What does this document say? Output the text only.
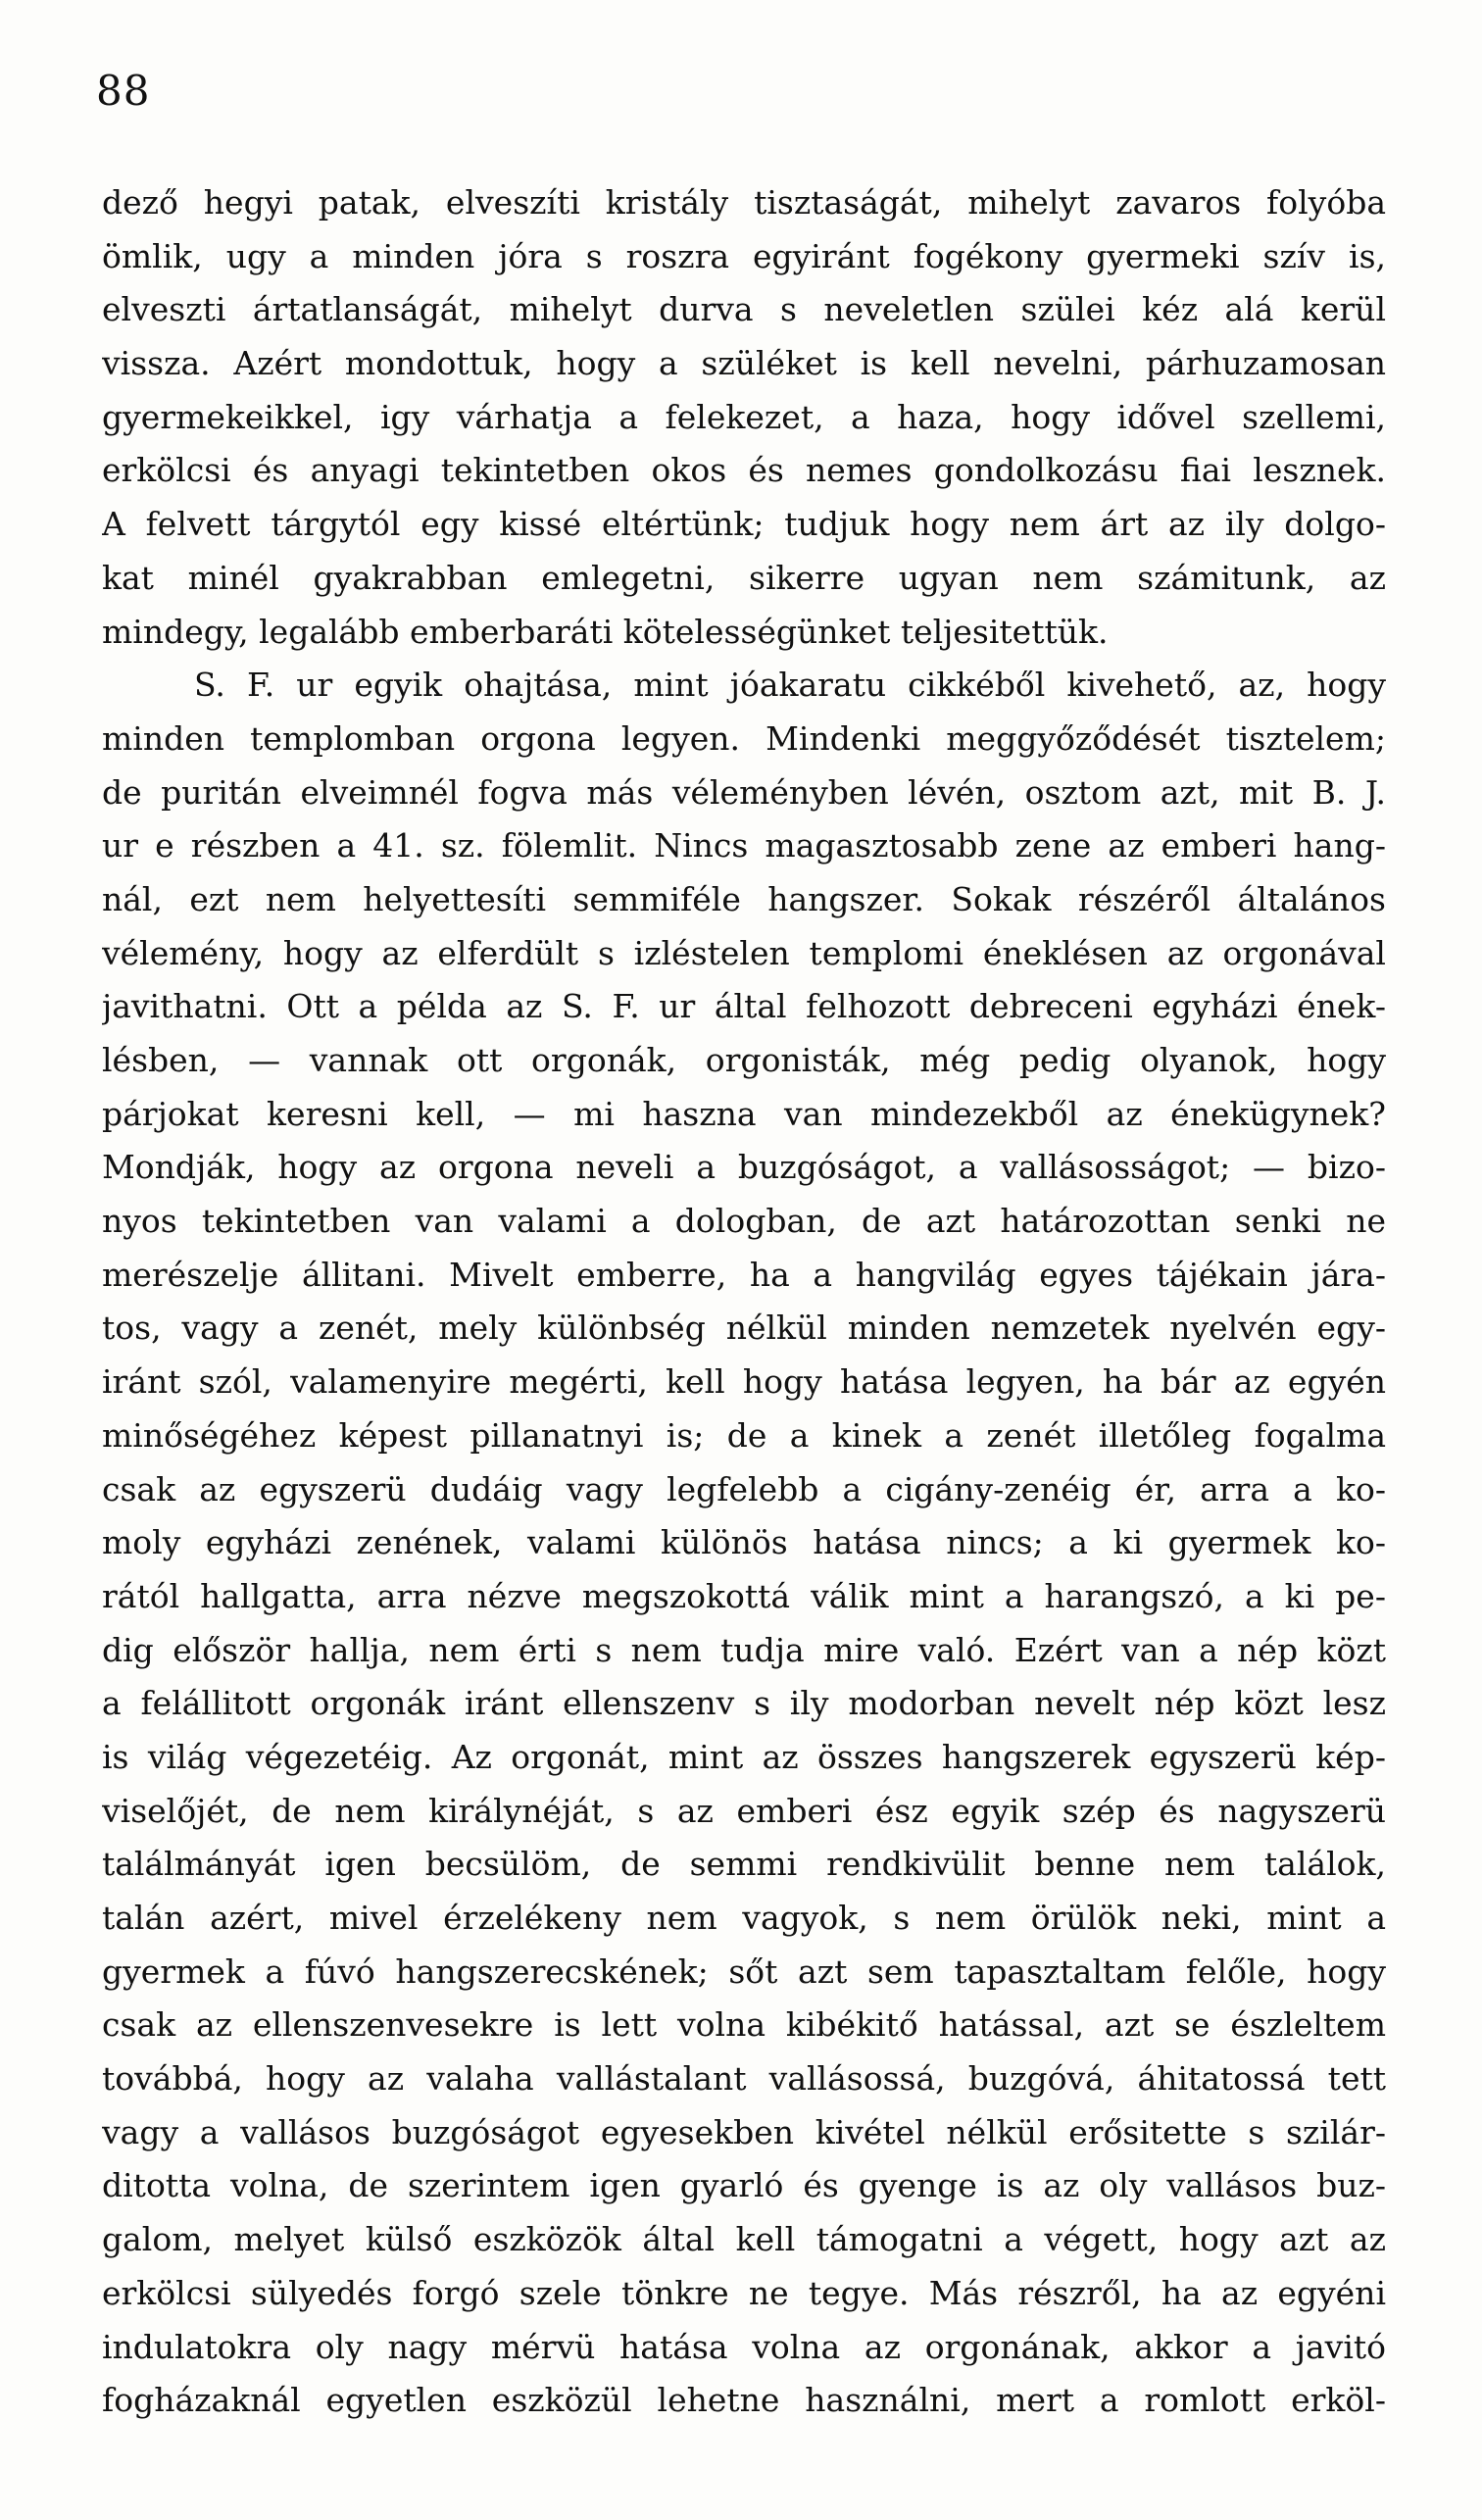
88
dező hegyi patak, elveszíti kristály tisztaságát, mihelyt zavaros folyóba
ömlik, ugy a minden jóra s roszra egyiránt fogékony gyermeki szív is,
elveszti ártatlanságát, mihelyt durva s neveletlen szülei kéz alá kerül
vissza. Azért mondottuk, hogy a szüléket is kell nevelni, párhuzamosan
gyermekeikkel, igy várhatja a felekezet, a haza, hogy idővel szellemi,
erkölcsi és anyagi tekintetben okos és nemes gondolkozásu fiai lesznek.
A felvett tárgytól egy kissé eltértünk; tudjuk hogy nem árt az ily dolgo-
kat minél gyakrabban emlegetni, sikerre ugyan nem számitunk, az
mindegy, legalább emberbaráti kötelességünket teljesitettük.
S. F. ur egyik ohajtása, mint jóakaratu cikkéből kivehető, az, hogy
minden templomban orgona legyen. Mindenki meggyőződését tisztelem;
de puritán elveimnél fogva más véleményben lévén, osztom azt, mit B. J.
ur e részben a 41. sz. fölemlit. Nincs magasztosabb zene az emberi hang-
nál, ezt nem helyettesíti semmiféle hangszer. Sokak részéről általános
vélemény, hogy az elferdült s izléstelen templomi éneklésen az orgonával
javithatni. Ott a példa az S. F. ur által felhozott debreceni egyházi ének-
lésben, — vannak ott orgonák, orgonisták, még pedig olyanok, hogy
párjokat keresni kell, — mi haszna van mindezekből az énekügynek?
Mondják, hogy az orgona neveli a buzgóságot, a vallásosságot; — bizo-
nyos tekintetben van valami a dologban, de azt határozottan senki ne
merészelje állitani. Mivelt emberre, ha a hangvilág egyes tájékain jára-
tos, vagy a zenét, mely különbség nélkül minden nemzetek nyelvén egy-
iránt szól, valamenyire megérti, kell hogy hatása legyen, ha bár az egyén
minőségéhez képest pillanatnyi is; de a kinek a zenét illetőleg fogalma
csak az egyszerü dudáig vagy legfelebb a cigány-zenéig ér, arra a ko-
moly egyházi zenének, valami különös hatása nincs; a ki gyermek ko-
rától hallgatta, arra nézve megszokottá válik mint a harangszó, a ki pe-
dig először hallja, nem érti s nem tudja mire való. Ezért van a nép közt
a felállitott orgonák iránt ellenszenv s ily modorban nevelt nép közt lesz
is világ végezetéig. Az orgonát, mint az összes hangszerek egyszerü kép-
viselőjét, de nem királynéját, s az emberi ész egyik szép és nagyszerü
találmányát igen becsülöm, de semmi rendkivülit benne nem találok,
talán azért, mivel érzelékeny nem vagyok, s nem örülök neki, mint a
gyermek a fúvó hangszerecskének; sőt azt sem tapasztaltam felőle, hogy
csak az ellenszenvesekre is lett volna kibékitő hatással, azt se észleltem
továbbá, hogy az valaha vallástalant vallásossá, buzgóvá, áhitatossá tett
vagy a vallásos buzgóságot egyesekben kivétel nélkül erősitette s szilár-
ditotta volna, de szerintem igen gyarló és gyenge is az oly vallásos buz-
galom, melyet külső eszközök által kell támogatni a végett, hogy azt az
erkölcsi sülyedés forgó szele tönkre ne tegye. Más részről, ha az egyéni
indulatokra oly nagy mérvü hatása volna az orgonának, akkor a javitó
fogházaknál egyetlen eszközül lehetne használni, mert a romlott erköl-
